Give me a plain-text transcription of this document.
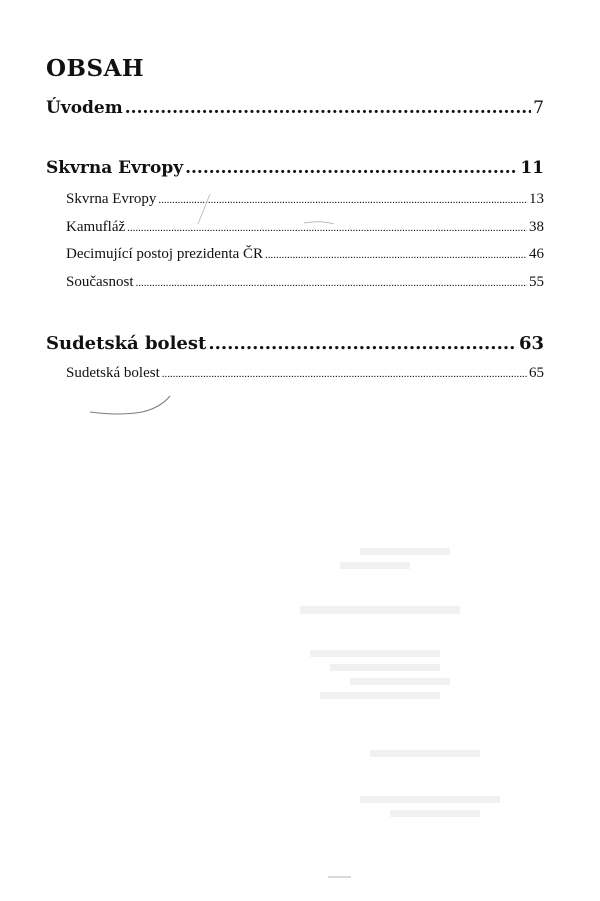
OBSAH
Úvodem .....	7
Skvrna Evropy .....	11
Skvrna Evropy .....	13
Kamufláž .....	38
Decimující postoj prezidenta ČR .....	46
Současnost .....	55
Sudetská bolest .....	63
Sudetská bolest .....	65
